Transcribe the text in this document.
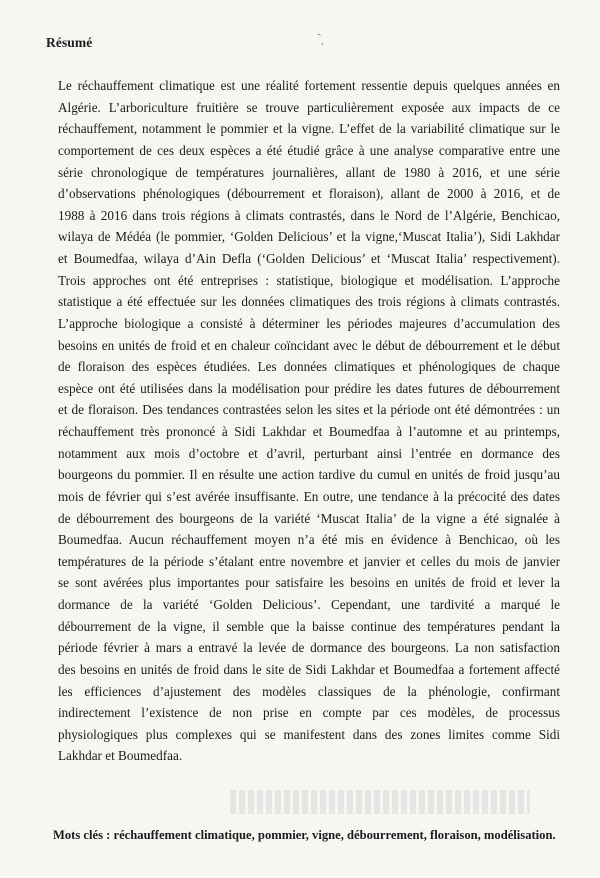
Résumé	ˉ ˎ

Le réchauffement climatique est une réalité fortement ressentie depuis quelques années en
Algérie. L’arboriculture fruitière se trouve particulièrement exposée aux impacts de ce
réchauffement, notamment le pommier et la vigne. L’effet de la variabilité climatique sur le
comportement de ces deux espèces a été étudié grâce à une analyse comparative entre une
série chronologique de températures journalières, allant de 1980 à 2016, et une série
d’observations phénologiques (débourrement et floraison), allant de 2000 à 2016, et de
1988 à 2016 dans trois régions à climats contrastés, dans le Nord de l’Algérie, Benchicao,
wilaya de Médéa (le pommier, ‘Golden Delicious’ et la vigne,‘Muscat Italia’), Sidi Lakhdar
et Boumedfaa, wilaya d’Ain Defla (‘Golden Delicious’ et ‘Muscat Italia’ respectivement).
Trois approches ont été entreprises : statistique, biologique et modélisation. L’approche
statistique a été effectuée sur les données climatiques des trois régions à climats contrastés.
L’approche biologique a consisté à déterminer les périodes majeures d’accumulation des
besoins en unités de froid et en chaleur coïncidant avec le début de débourrement et le début
de floraison des espèces étudiées. Les données climatiques et phénologiques de chaque
espèce ont été utilisées dans la modélisation pour prédire les dates futures de débourrement
et de floraison. Des tendances contrastées selon les sites et la période ont été démontrées : un
réchauffement très prononcé à Sidi Lakhdar et Boumedfaa à l’automne et au printemps,
notamment aux mois d’octobre et d’avril, perturbant ainsi l’entrée en dormance des
bourgeons du pommier. Il en résulte une action tardive du cumul en unités de froid jusqu’au
mois de février qui s’est avérée insuffisante. En outre, une tendance à la précocité des dates
de débourrement des bourgeons de la variété ‘Muscat Italia’ de la vigne a été signalée à
Boumedfaa. Aucun réchauffement moyen n’a été mis en évidence à Benchicao, où les
températures de la période s’étalant entre novembre et janvier et celles du mois de janvier
se sont avérées plus importantes pour satisfaire les besoins en unités de froid et lever la
dormance de la variété ‘Golden Delicious’. Cependant, une tardivité a marqué le
débourrement de la vigne, il semble que la baisse continue des températures pendant la
période février à mars a entravé la levée de dormance des bourgeons. La non satisfaction
des besoins en unités de froid dans le site de Sidi Lakhdar et Boumedfaa a fortement affecté
les efficiences d’ajustement des modèles classiques de la phénologie, confirmant
indirectement l’existence de non prise en compte par ces modèles, de processus
physiologiques plus complexes qui se manifestent dans des zones limites comme Sidi
Lakhdar et Boumedfaa.

Mots clés : réchauffement climatique, pommier, vigne, débourrement, floraison, modélisation.
